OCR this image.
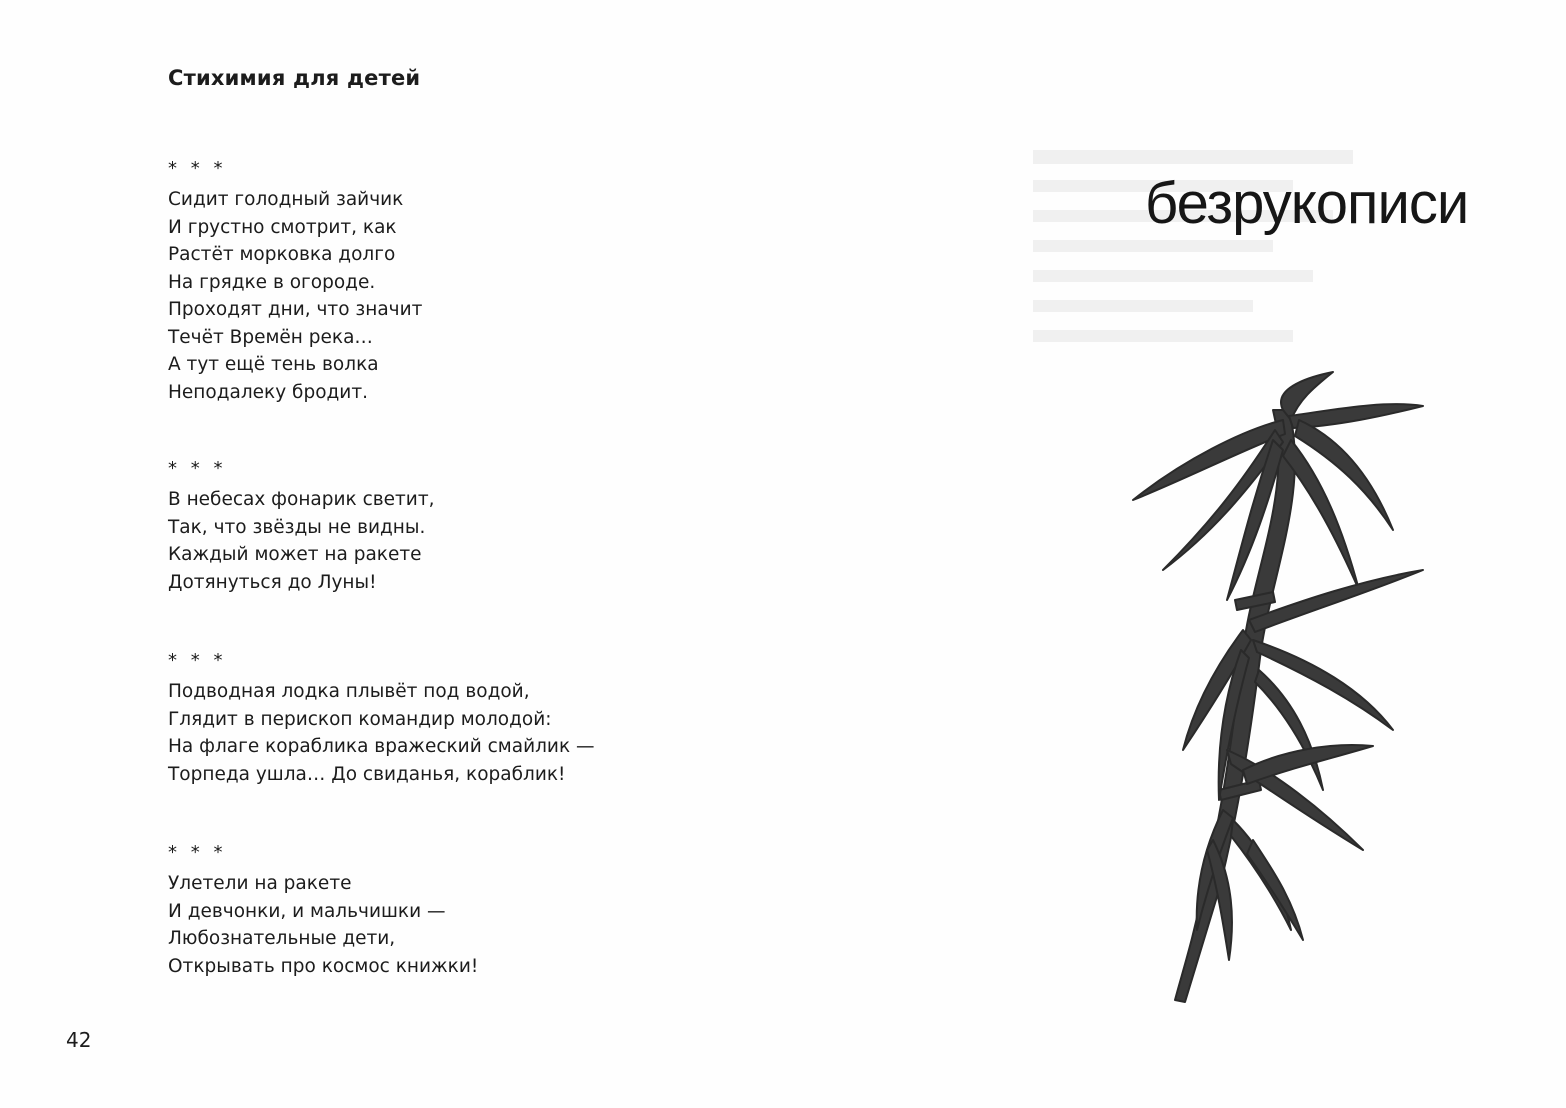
Стихимия для детей
* * *
Сидит голодный зайчик
И грустно смотрит, как
Растёт морковка долго
На грядке в огороде.
Проходят дни, что значит
Течёт Времён река…
А тут ещё тень волка
Неподалеку бродит.
* * *
В небесах фонарик светит,
Так, что звёзды не видны.
Каждый может на ракете
Дотянуться до Луны!
* * *
Подводная лодка плывёт под водой,
Глядит в перископ командир молодой:
На флаге кораблика вражеский смайлик —
Торпеда ушла… До свиданья, кораблик!
* * *
Улетели на ракете
И девчонки, и мальчишки —
Любознательные дети,
Открывать про космос книжки!
42
безрукописи
